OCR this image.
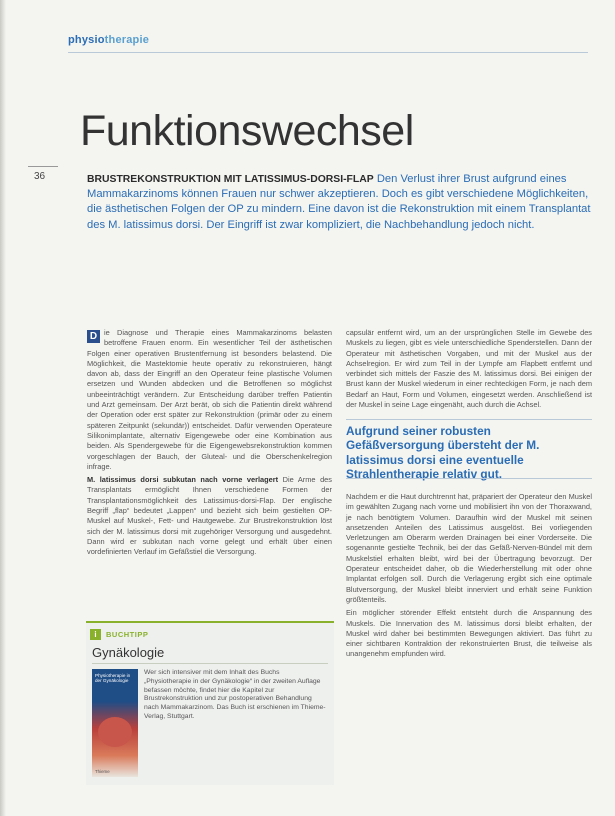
physiotherapie
Funktionswechsel
36	BRUSTREKONSTRUKTION MIT LATISSIMUS-DORSI-FLAP Den Verlust ihrer Brust aufgrund eines Mammakarzinoms können Frauen nur schwer akzeptieren. Doch es gibt verschiedene Möglichkeiten, die ästhetischen Folgen der OP zu mindern. Eine davon ist die Rekonstruktion mit einem Transplantat des M. latissimus dorsi. Der Eingriff ist zwar kompliziert, die Nachbehandlung jedoch nicht.

D ie Diagnose und Therapie eines Mammakarzinoms belasten betroffene Frauen enorm. Ein wesentlicher Teil der ästhetischen Folgen einer operativen Brustentfernung ist besonders belastend. Die Möglichkeit, die Mastektomie heute operativ zu rekonstruieren, hängt davon ab, dass der Eingriff an den Operateur feine plastische Volumen ersetzen und Wunden abdecken und die Betroffenen so möglichst unbeeinträchtigt verändern. Zur Entscheidung darüber treffen Patientin und Arzt gemeinsam. Der Arzt berät, ob sich die Patientin direkt während der Operation oder erst später zur Rekonstruktion (primär oder zu einem späteren Zeitpunkt (sekundär)) entscheidet. Dafür verwenden Operateure Silikonimplantate, alternativ Eigengewebe oder eine Kombination aus beiden. Als Spendergewebe für die Eigengewebsrekonstruktion kommen vorgeschlagen der Bauch, der Gluteal- und die Oberschenkelregion infrage.

M. latissimus dorsi subkutan nach vorne verlagert Die Arme des Transplantats ermöglicht Ihnen verschiedene Formen der Transplantationsmöglichkeit des Latissimus-dorsi-Flap. Der englische Begriff „flap“ bedeutet „Lappen“ und bezieht sich beim gestielten OP-Muskel auf Muskel-, Fett- und Hautgewebe. Zur Brustrekonstruktion löst sich der M. latissimus dorsi mit zugehöriger Versorgung und ausgedehnt. Dann wird er subkutan nach vorne gelegt und erhält über einen vordefinierten Verlauf im Gefäßstiel die Versorgung.

capsulär entfernt wird, um an der ursprünglichen Stelle im Gewebe des Muskels zu liegen, gibt es viele unterschiedliche Spenderstellen. Dann der Operateur mit ästhetischen Vorgaben, und mit der Muskel aus der Achselregion. Er wird zum Teil in der Lympfe am Flapbett entfernt und verbindet sich mittels der Faszie des M. latissimus dorsi. Bei einigen der Brust kann der Muskel wiederum in einer rechteckigen Form, je nach dem Bedarf an Haut, Form und Volumen, eingesetzt werden. Anschließend ist der Muskel in seine Lage eingenäht, auch durch die Achsel.

Aufgrund seiner robusten Gefäßversorgung übersteht der M. latissimus dorsi eine eventuelle Strahlentherapie relativ gut.

Nachdem er die Haut durchtrennt hat, präpariert der Operateur den Muskel im gewählten Zugang nach vorne und mobilisiert ihn von der Thoraxwand, je nach benötigtem Volumen. Daraufhin wird der Muskel mit seinen ansetzenden Anteilen des Latissimus ausgelöst. Bei vorliegenden Verletzungen am Oberarm werden Drainagen bei einer Vorderseite. Die sogenannte gestielte Technik, bei der das Gefäß-Nerven-Bündel mit dem Muskelstiel erhalten bleibt, wird bei der Übertragung bevorzugt. Der Operateur entscheidet daher, ob die Wiederherstellung mit oder ohne Implantat erfolgen soll. Durch die Verlagerung ergibt sich eine optimale Blutversorgung, der Muskel bleibt innerviert und erhält seine Funktion größtenteils.

Ein möglicher störender Effekt entsteht durch die Anspannung des Muskels. Die Innervation des M. latissimus dorsi bleibt erhalten, der Muskel wird daher bei bestimmten Bewegungen aktiviert. Das führt zu einer sichtbaren Kontraktion der rekonstruierten Brust, die teilweise als unangenehm empfunden wird.

i	BUCHTIPP
Gynäkologie
Physiotherapie in der Gynäkologie
Thieme
Wer sich intensiver mit dem Inhalt des Buchs „Physiotherapie in der Gynäkologie“ in der zweiten Auflage befassen möchte, findet hier die Kapitel zur Brustrekonstruktion und zur postoperativen Behandlung nach Mammakarzinom. Das Buch ist erschienen im Thieme-Verlag, Stuttgart.
